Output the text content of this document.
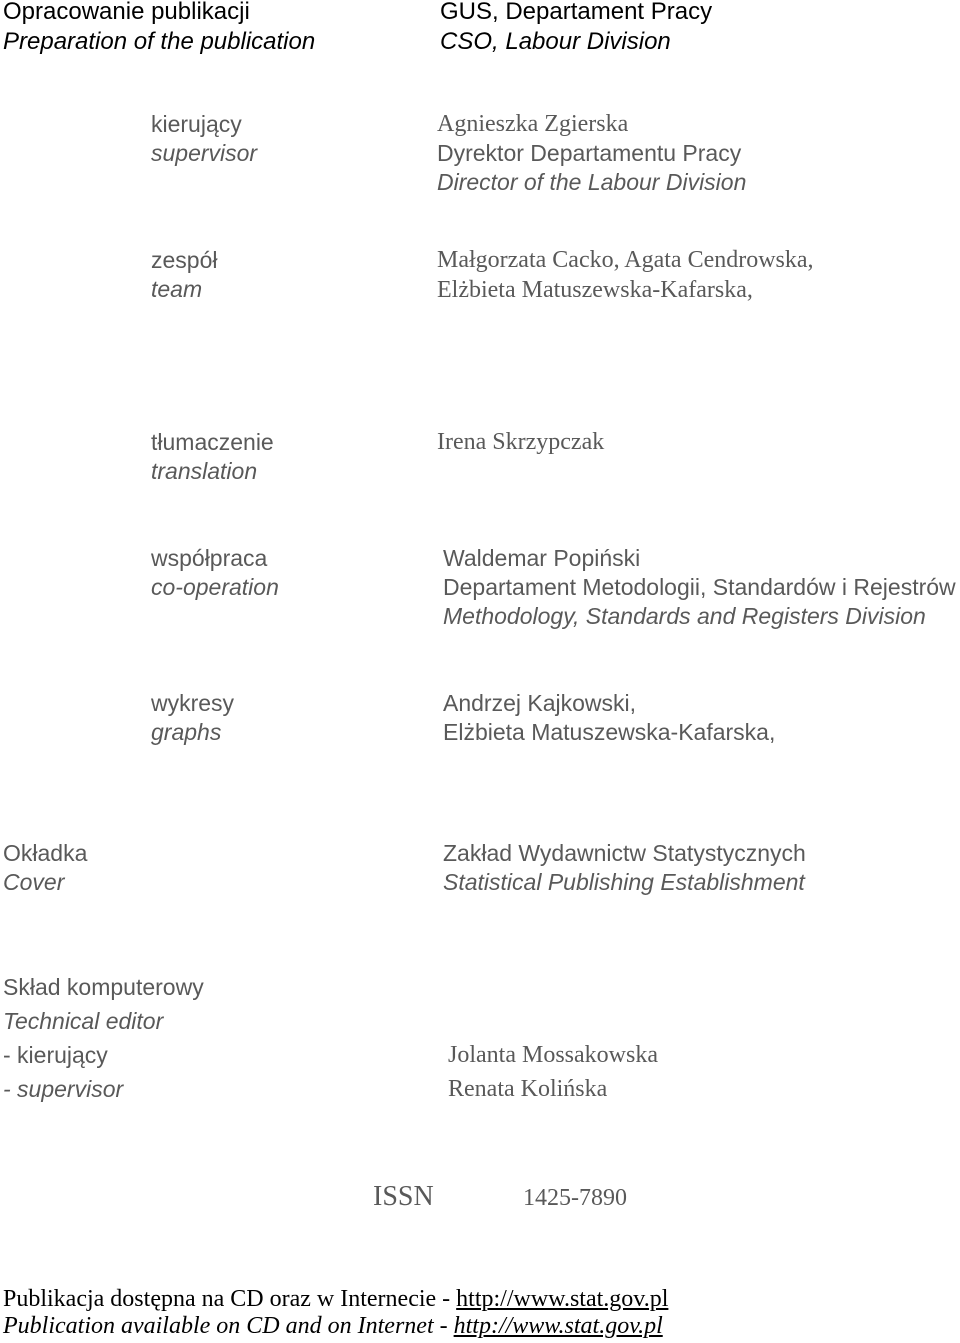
Opracowanie publikacji
Preparation of the publication
GUS, Departament Pracy
CSO, Labour Division
kierujący
supervisor
Agnieszka Zgierska
Dyrektor Departamentu Pracy
Director of the Labour Division
zespół
team
Małgorzata Cacko, Agata Cendrowska,
Elżbieta Matuszewska-Kafarska,
tłumaczenie
translation
Irena Skrzypczak
współpraca
co-operation
Waldemar Popiński
Departament Metodologii, Standardów i Rejestrów
Methodology, Standards and Registers Division
wykresy
graphs
Andrzej Kajkowski,
Elżbieta Matuszewska-Kafarska,
Okładka
Cover
Zakład Wydawnictw Statystycznych
Statistical Publishing Establishment
Skład komputerowy
Technical editor
- kierujący
- supervisor
Jolanta Mossakowska
Renata Kolińska
ISSN	1425-7890
Publikacja dostępna na CD oraz w Internecie - http://www.stat.gov.pl
Publication available on CD and on Internet - http://www.stat.gov.pl
